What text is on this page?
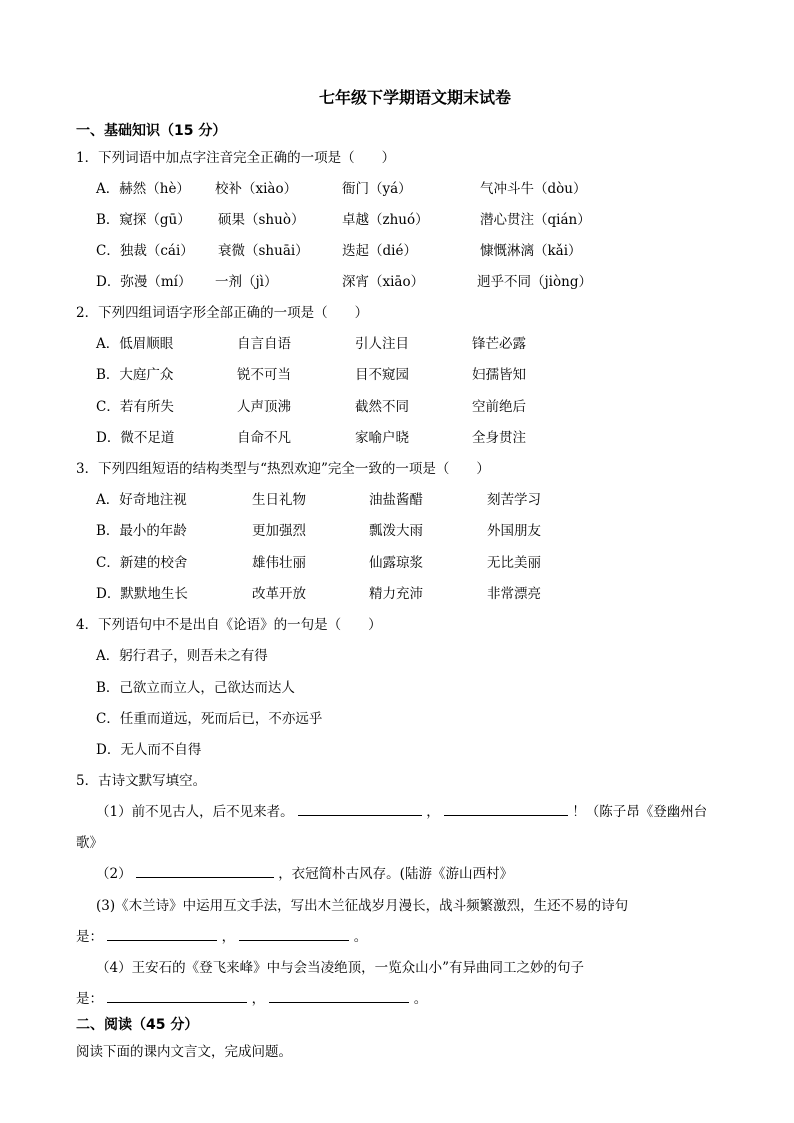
七年级下学期语文期末试卷
一、基础知识（15 分）
1．下列词语中加点字注音完全正确的一项是（　　）
A．赫然（hè） 校补（xiào）	衙门（yá）	气冲斗牛（dòu）
B．窥探（gū） 硕果（shuò）	卓越（zhuó）	潜心贯注（qián）
C．独裁（cái） 衰微（shuāi） 迭起（dié）	慷慨淋漓（kǎi）
D．弥漫（mí） 一剂（jì）	深宵（xiāo）	迥乎不同（jiòng）
2．下列四组词语字形全部正确的一项是（　　）
A．低眉顺眼	自言自语	引人注目	锋芒必露
B．大庭广众	锐不可当	目不窥园	妇孺皆知
C．若有所失	人声顶沸	截然不同	空前绝后
D．微不足道	自命不凡	家喻户晓	全身贯注
3．下列四组短语的结构类型与“热烈欢迎”完全一致的一项是（　　）
A．好奇地注视	生日礼物	油盐酱醋	刻苦学习
B．最小的年龄	更加强烈	瓢泼大雨	外国朋友
C．新建的校舍	雄伟壮丽	仙露琼浆	无比美丽
D．默默地生长	改革开放	精力充沛	非常漂亮
4．下列语句中不是出自《论语》的一句是（　　）
A．躬行君子，则吾未之有得
B．己欲立而立人，己欲达而达人
C．任重而道远，死而后已，不亦远乎
D．无人而不自得
5．古诗文默写填空。
（1）前不见古人，后不见来者。	，	！（陈子昂《登幽州台
歌》
（2）	，衣冠简朴古风存。(陆游《游山西村》
(3)《木兰诗》中运用互文手法，写出木兰征战岁月漫长，战斗频繁激烈，生还不易的诗句
是：	，	。
（4）王安石的《登飞来峰》中与会当凌绝顶，一览众山小”有异曲同工之妙的句子
是：	，	。
二、阅读（45 分）
阅读下面的课内文言文，完成问题。
